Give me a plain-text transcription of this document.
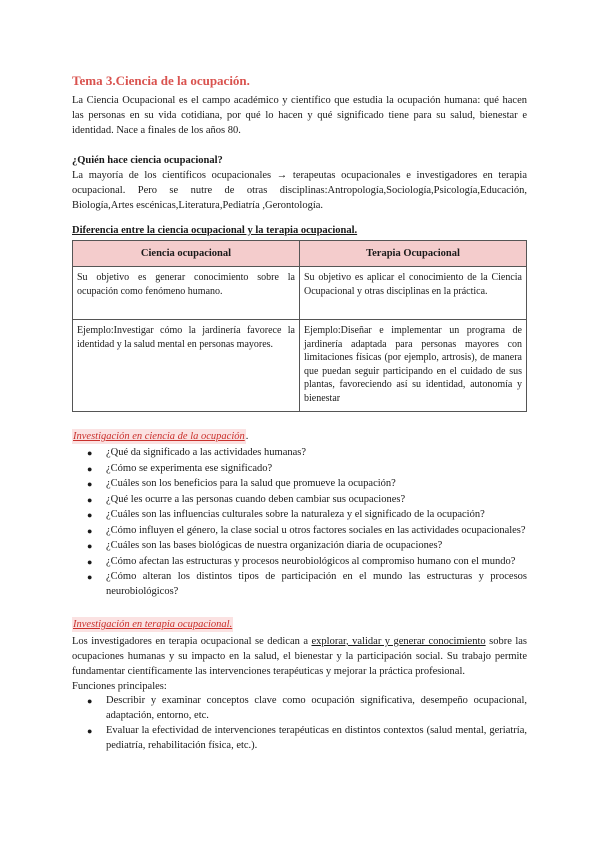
Tema 3.Ciencia de la ocupación.

La Ciencia Ocupacional es el campo académico y científico que estudia la ocupación humana: qué hacen las personas en su vida cotidiana, por qué lo hacen y qué significado tiene para su salud, bienestar e identidad. Nace a finales de los años 80.

¿Quién hace ciencia ocupacional?

La mayoría de los científicos ocupacionales → terapeutas ocupacionales e investigadores en terapia ocupacional. Pero se nutre de otras disciplinas:Antropología,Sociología,Psicología,Educación, Biología,Artes escénicas,Literatura,Pediatría ,Gerontología.

Diferencia entre la ciencia ocupacional y la terapia ocupacional.

Ciencia ocupacional	Terapia Ocupacional
Su objetivo es generar conocimiento sobre la ocupación como fenómeno humano.	Su objetivo es aplicar el conocimiento de la Ciencia Ocupacional y otras disciplinas en la práctica.
Ejemplo:Investigar cómo la jardinería favorece la identidad y la salud mental en personas mayores.	Ejemplo:Diseñar e implementar un programa de jardinería adaptada para personas mayores con limitaciones físicas (por ejemplo, artrosis), de manera que puedan seguir participando en el cuidado de sus plantas, favoreciendo así su identidad, autonomía y bienestar
Investigación en ciencia de la ocupación.
● ¿Qué da significado a las actividades humanas?
● ¿Cómo se experimenta ese significado?
● ¿Cuáles son los beneficios para la salud que promueve la ocupación?
● ¿Qué les ocurre a las personas cuando deben cambiar sus ocupaciones?
● ¿Cuáles son las influencias culturales sobre la naturaleza y el significado de la ocupación?
● ¿Cómo influyen el género, la clase social u otros factores sociales en las actividades ocupacionales?
● ¿Cuáles son las bases biológicas de nuestra organización diaria de ocupaciones?
● ¿Cómo afectan las estructuras y procesos neurobiológicos al compromiso humano con el mundo?
● ¿Cómo alteran los distintos tipos de participación en el mundo las estructuras y procesos neurobiológicos?
Investigación en terapia ocupacional.

Los investigadores en terapia ocupacional se dedican a explorar, validar y generar conocimiento sobre las ocupaciones humanas y su impacto en la salud, el bienestar y la participación social. Su trabajo permite fundamentar científicamente las intervenciones terapéuticas y mejorar la práctica profesional.

Funciones principales:

● Describir y examinar conceptos clave como ocupación significativa, desempeño ocupacional, adaptación, entorno, etc.
● Evaluar la efectividad de intervenciones terapéuticas en distintos contextos (salud mental, geriatría, pediatría, rehabilitación física, etc.).
